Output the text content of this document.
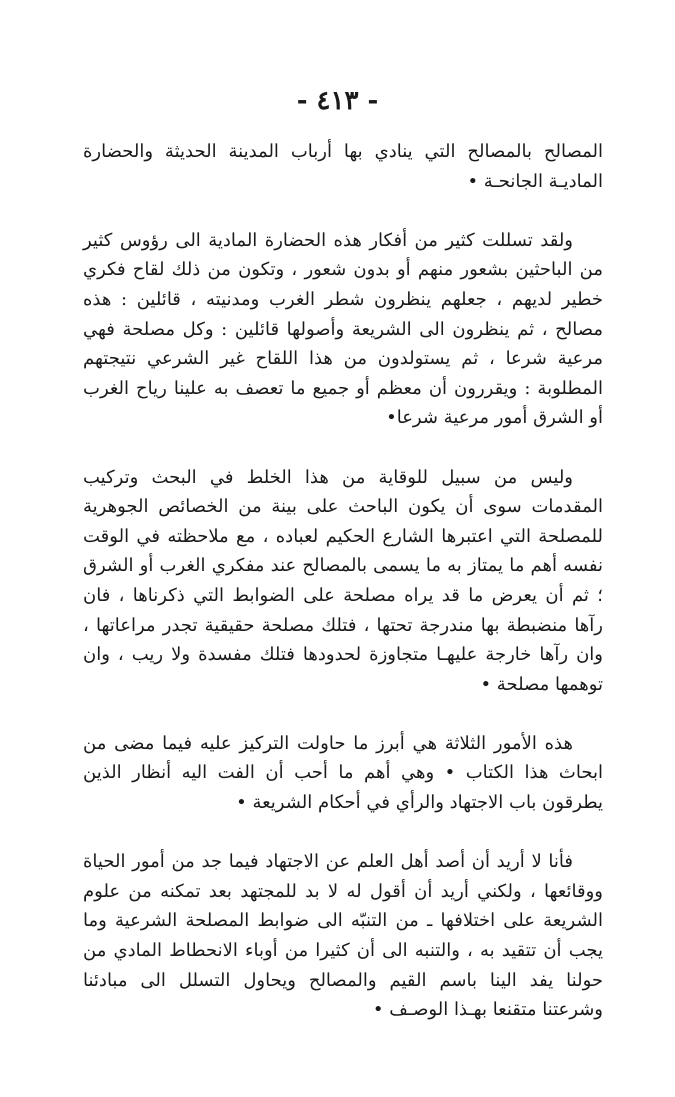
- ٤١٣ -

المصالح بالمصالح التي ينادي بها أرباب المدينة الحديثة والحضارة الماديـة الجانحـة •

ولقد تسللت كثير من أفكار هذه الحضارة المادية الى رؤوس كثير من الباحثين بشعور منهم أو بدون شعور ، وتكون من ذلك لقاح فكري خطير لديهم ، جعلهم ينظرون شطر الغرب ومدنيته ، قائلين : هذه مصالح ، ثم ينظرون الى الشريعة وأصولها قائلين : وكل مصلحة فهي مرعية شرعا ، ثم يستولدون من هذا اللقاح غير الشرعي نتيجتهم المطلوبة : ويقررون أن معظم أو جميع ما تعصف به علينا رياح الغرب أو الشرق أمور مرعية شرعا•

وليس من سبيل للوقاية من هذا الخلط في البحث وتركيب المقدمات سوى أن يكون الباحث على بينة من الخصائص الجوهرية للمصلحة التي اعتبرها الشارع الحكيم لعباده ، مع ملاحظته في الوقت نفسه أهم ما يمتاز به ما يسمى بالمصالح عند مفكري الغرب أو الشرق ؛ ثم أن يعرض ما قد يراه مصلحة على الضوابط التي ذكرناها ، فان رآها منضبطة بها مندرجة تحتها ، فتلك مصلحة حقيقية تجدر مراعاتها ، وان رآها خارجة عليهـا متجاوزة لحدودها فتلك مفسدة ولا ريب ، وان توهمها مصلحة •

هذه الأمور الثلاثة هي أبرز ما حاولت التركيز عليه فيما مضى من ابحاث هذا الكتاب • وهي أهم ما أحب أن الفت اليه أنظار الذين يطرقون باب الاجتهاد والرأي في أحكام الشريعة •

فأنا لا أريد أن أصد أهل العلم عن الاجتهاد فيما جد من أمور الحياة ووقائعها ، ولكني أريد أن أقول له لا بد للمجتهد بعد تمكنه من علوم الشريعة على اختلافها ـ من التنبّه الى ضوابط المصلحة الشرعية وما يجب أن تتقيد به ، والتنبه الى أن كثيرا من أوباء الانحطاط المادي من حولنا يفد الينا باسم القيم والمصالح ويحاول التسلل الى مبادئنا وشرعتنا متقنعا بهـذا الوصـف •
